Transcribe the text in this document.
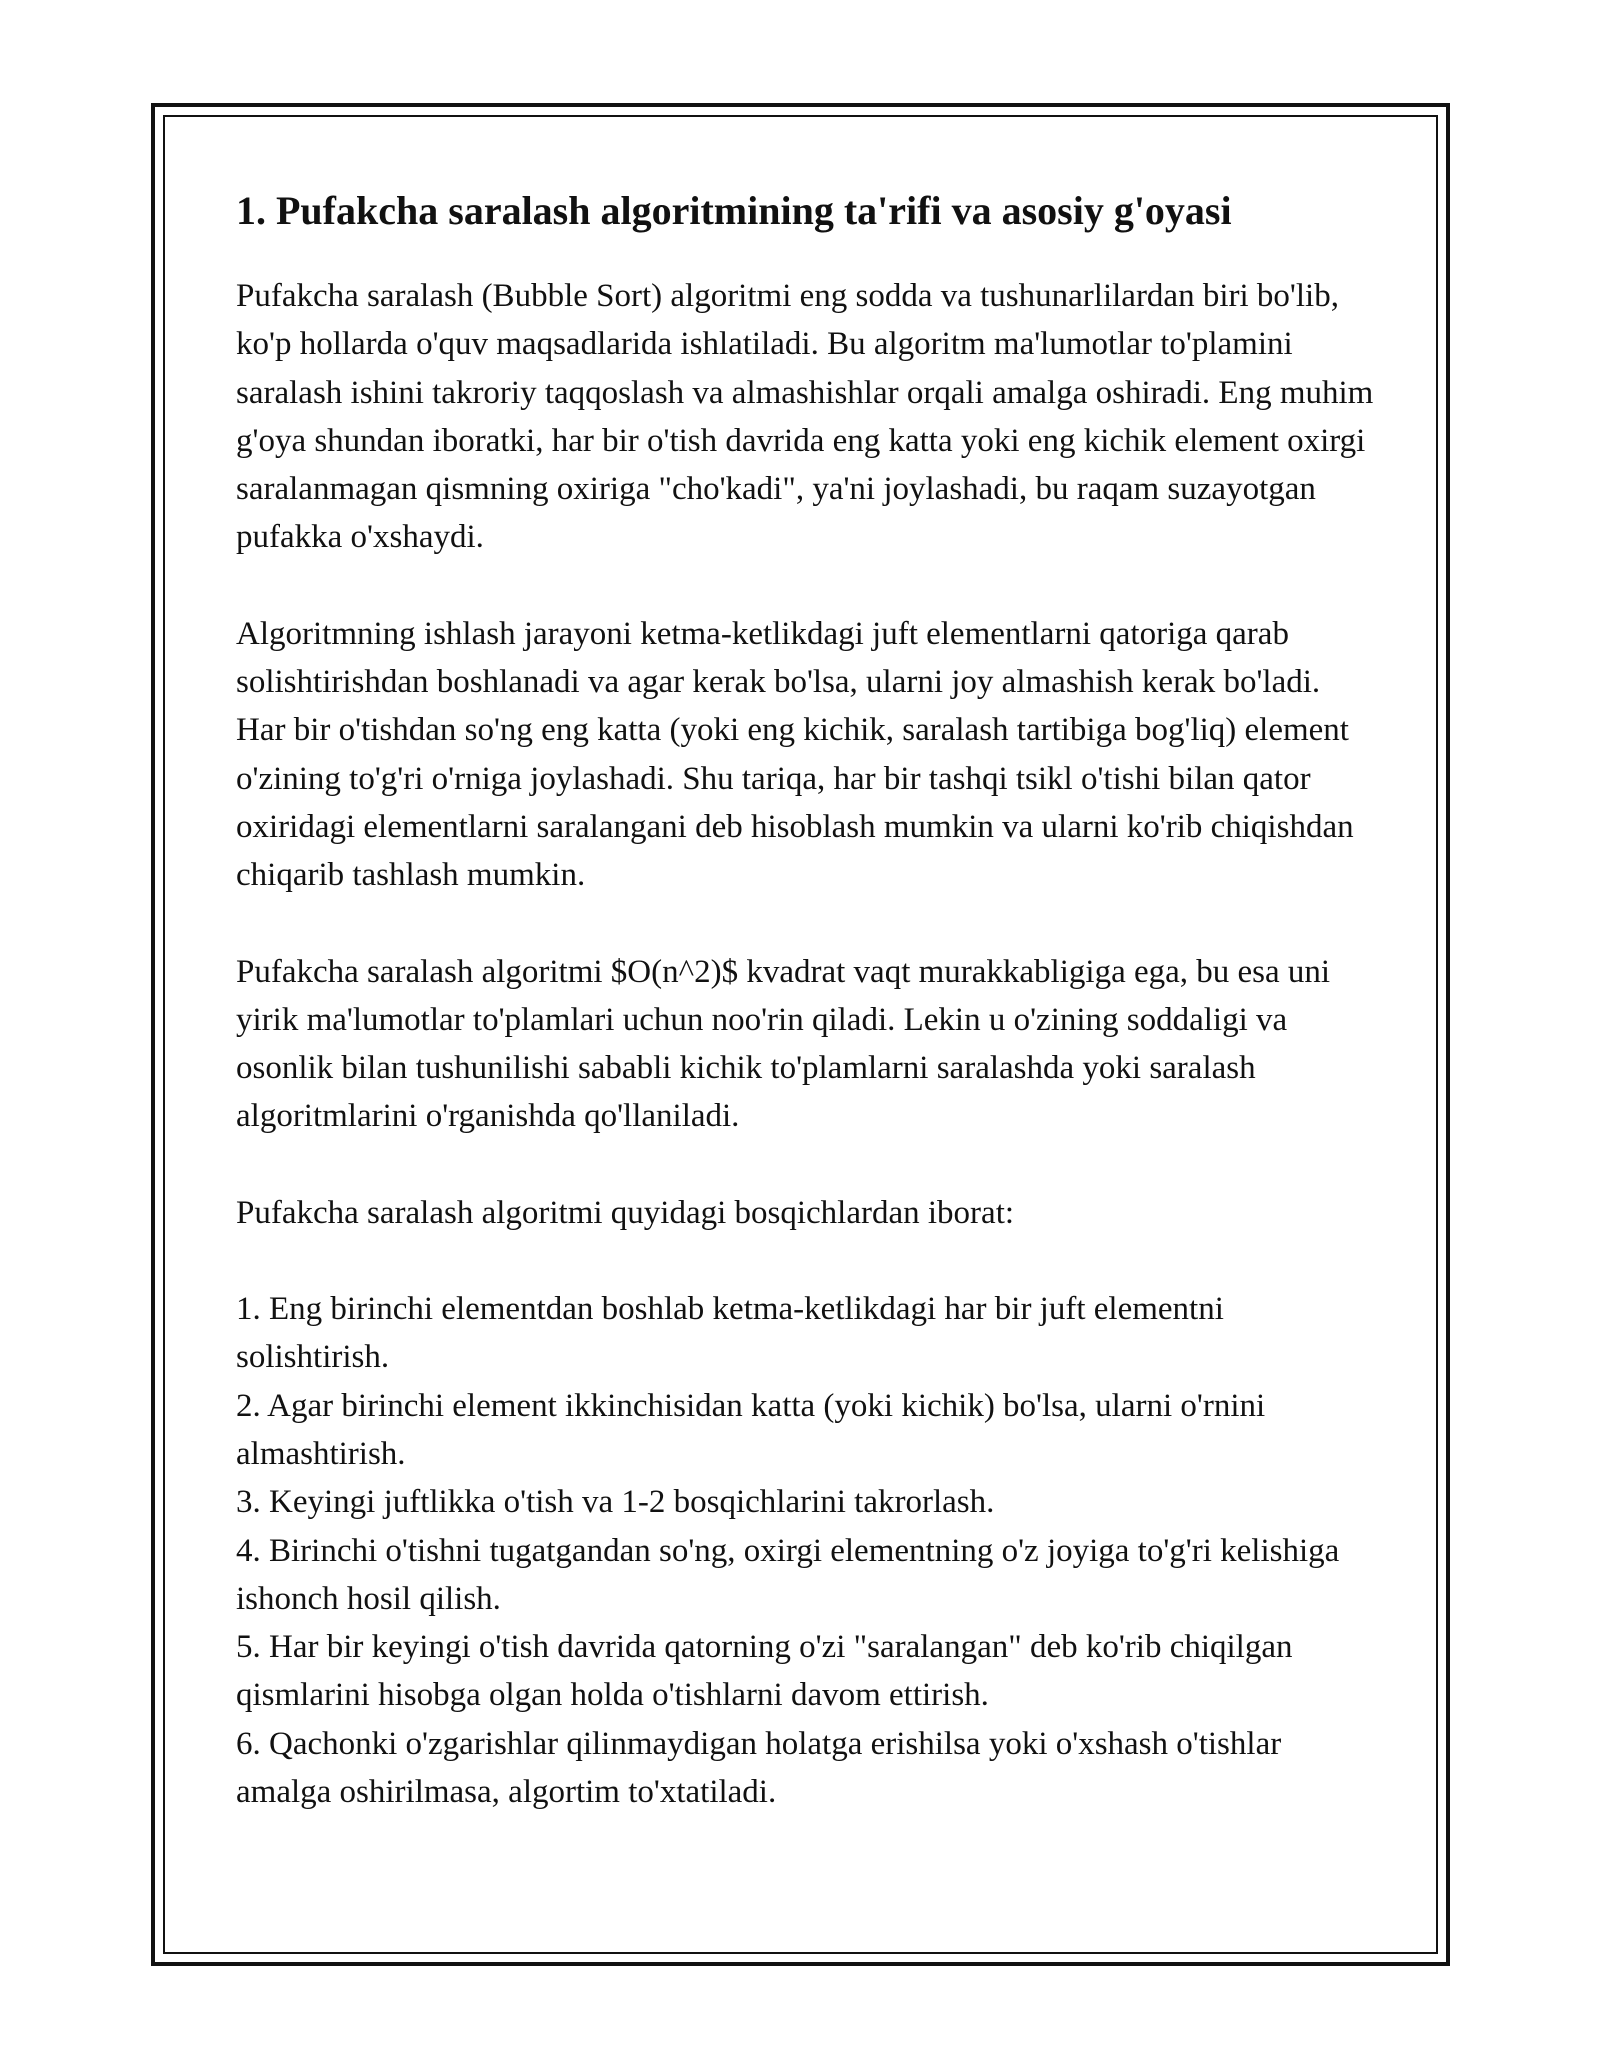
1. Pufakcha saralash algoritmining ta'rifi va asosiy g'oyasi

Pufakcha saralash (Bubble Sort) algoritmi eng sodda va tushunarlilardan biri bo'lib, ko'p hollarda o'quv maqsadlarida ishlatiladi. Bu algoritm ma'lumotlar to'plamini saralash ishini takroriy taqqoslash va almashishlar orqali amalga oshiradi. Eng muhim g'oya shundan iboratki, har bir o'tish davrida eng katta yoki eng kichik element oxirgi saralanmagan qismning oxiriga "cho'kadi", ya'ni joylashadi, bu raqam suzayotgan pufakka o'xshaydi.

Algoritmning ishlash jarayoni ketma-ketlikdagi juft elementlarni qatoriga qarab solishtirishdan boshlanadi va agar kerak bo'lsa, ularni joy almashish kerak bo'ladi. Har bir o'tishdan so'ng eng katta (yoki eng kichik, saralash tartibiga bog'liq) element o'zining to'g'ri o'rniga joylashadi. Shu tariqa, har bir tashqi tsikl o'tishi bilan qator oxiridagi elementlarni saralangani deb hisoblash mumkin va ularni ko'rib chiqishdan chiqarib tashlash mumkin.

Pufakcha saralash algoritmi $O(n^2)$ kvadrat vaqt murakkabligiga ega, bu esa uni yirik ma'lumotlar to'plamlari uchun noo'rin qiladi. Lekin u o'zining soddaligi va osonlik bilan tushunilishi sababli kichik to'plamlarni saralashda yoki saralash algoritmlarini o'rganishda qo'llaniladi.

Pufakcha saralash algoritmi quyidagi bosqichlardan iborat:

1. Eng birinchi elementdan boshlab ketma-ketlikdagi har bir juft elementni solishtirish.
2. Agar birinchi element ikkinchisidan katta (yoki kichik) bo'lsa, ularni o'rnini almashtirish.
3. Keyingi juftlikka o'tish va 1-2 bosqichlarini takrorlash.
4. Birinchi o'tishni tugatgandan so'ng, oxirgi elementning o'z joyiga to'g'ri kelishiga ishonch hosil qilish.
5. Har bir keyingi o'tish davrida qatorning o'zi "saralangan" deb ko'rib chiqilgan qismlarini hisobga olgan holda o'tishlarni davom ettirish.
6. Qachonki o'zgarishlar qilinmaydigan holatga erishilsa yoki o'xshash o'tishlar amalga oshirilmasa, algortim to'xtatiladi.
